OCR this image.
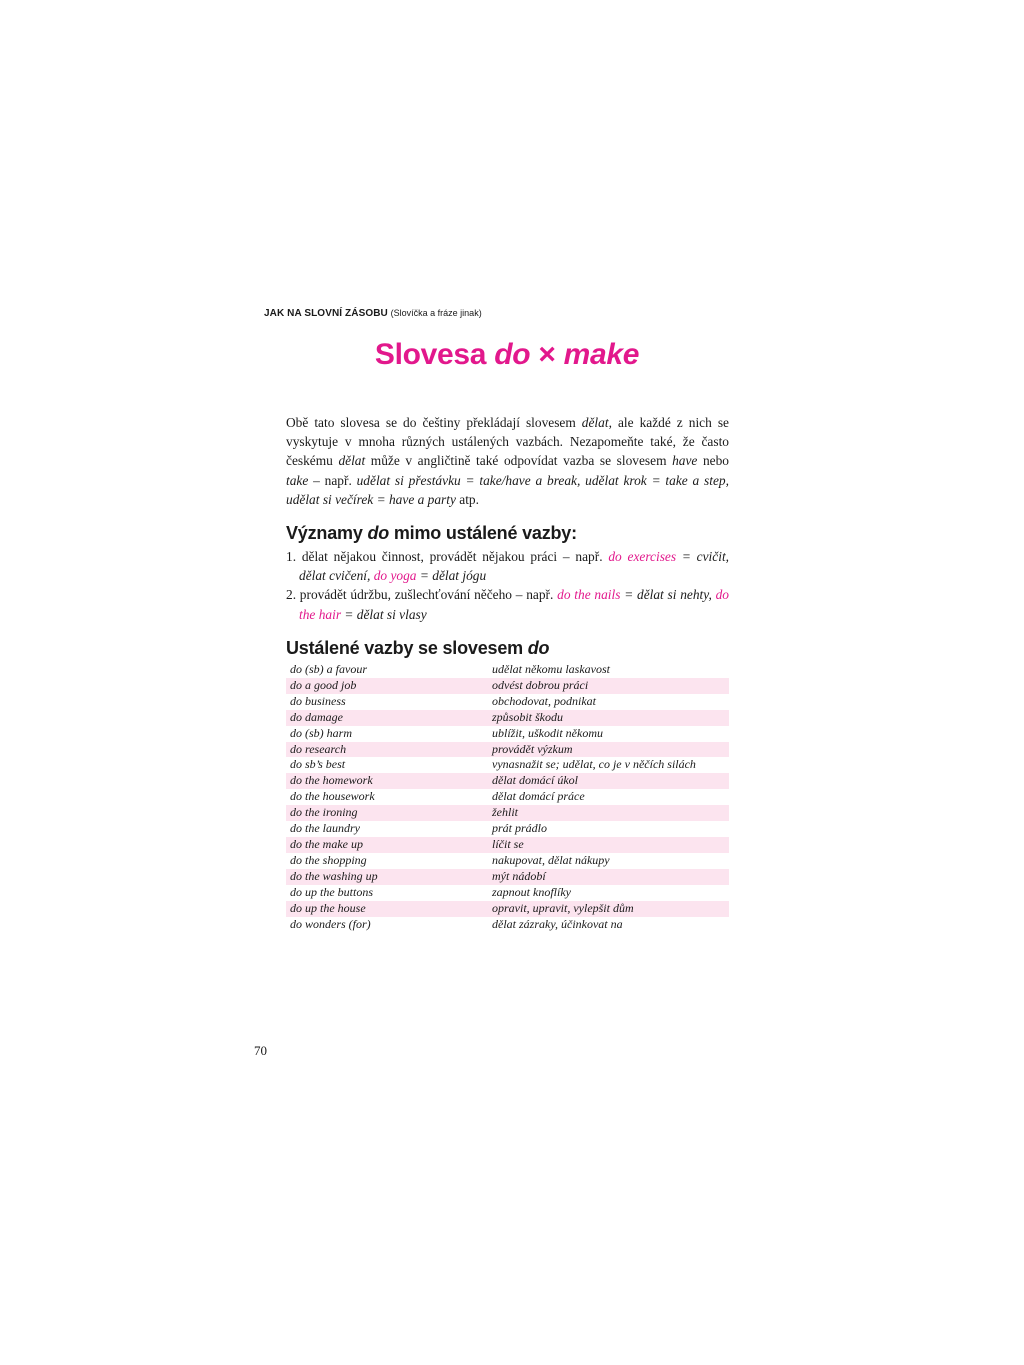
JAK NA SLOVNÍ ZÁSOBU (Slovíčka a fráze jinak)
Slovesa do × make

Obě tato slovesa se do češtiny překládají slovesem dělat, ale každé z nich se vyskytuje v mnoha různých ustálených vazbách. Nezapomeňte také, že často českému dělat může v angličtině také odpovídat vazba se slovesem have nebo take – např. udělat si přestávku = take/have a break, udělat krok = take a step, udělat si večírek = have a party atp.

Významy do mimo ustálené vazby:
1. dělat nějakou činnost, provádět nějakou práci – např. do exercises = cvičit, dělat cvičení, do yoga = dělat jógu
2. provádět údržbu, zušlechťování něčeho – např. do the nails = dělat si nehty, do the hair = dělat si vlasy
Ustálené vazby se slovesem do
do (sb) a favour	udělat někomu laskavost
do a good job	odvést dobrou práci
do business	obchodovat, podnikat
do damage	způsobit škodu
do (sb) harm	ublížit, uškodit někomu
do research	provádět výzkum
do sb’s best	vynasnažit se; udělat, co je v něčích silách
do the homework	dělat domácí úkol
do the housework	dělat domácí práce
do the ironing	žehlit
do the laundry	prát prádlo
do the make up	líčit se
do the shopping	nakupovat, dělat nákupy
do the washing up	mýt nádobí
do up the buttons	zapnout knoflíky
do up the house	opravit, upravit, vylepšit dům
do wonders (for)	dělat zázraky, účinkovat na
70
